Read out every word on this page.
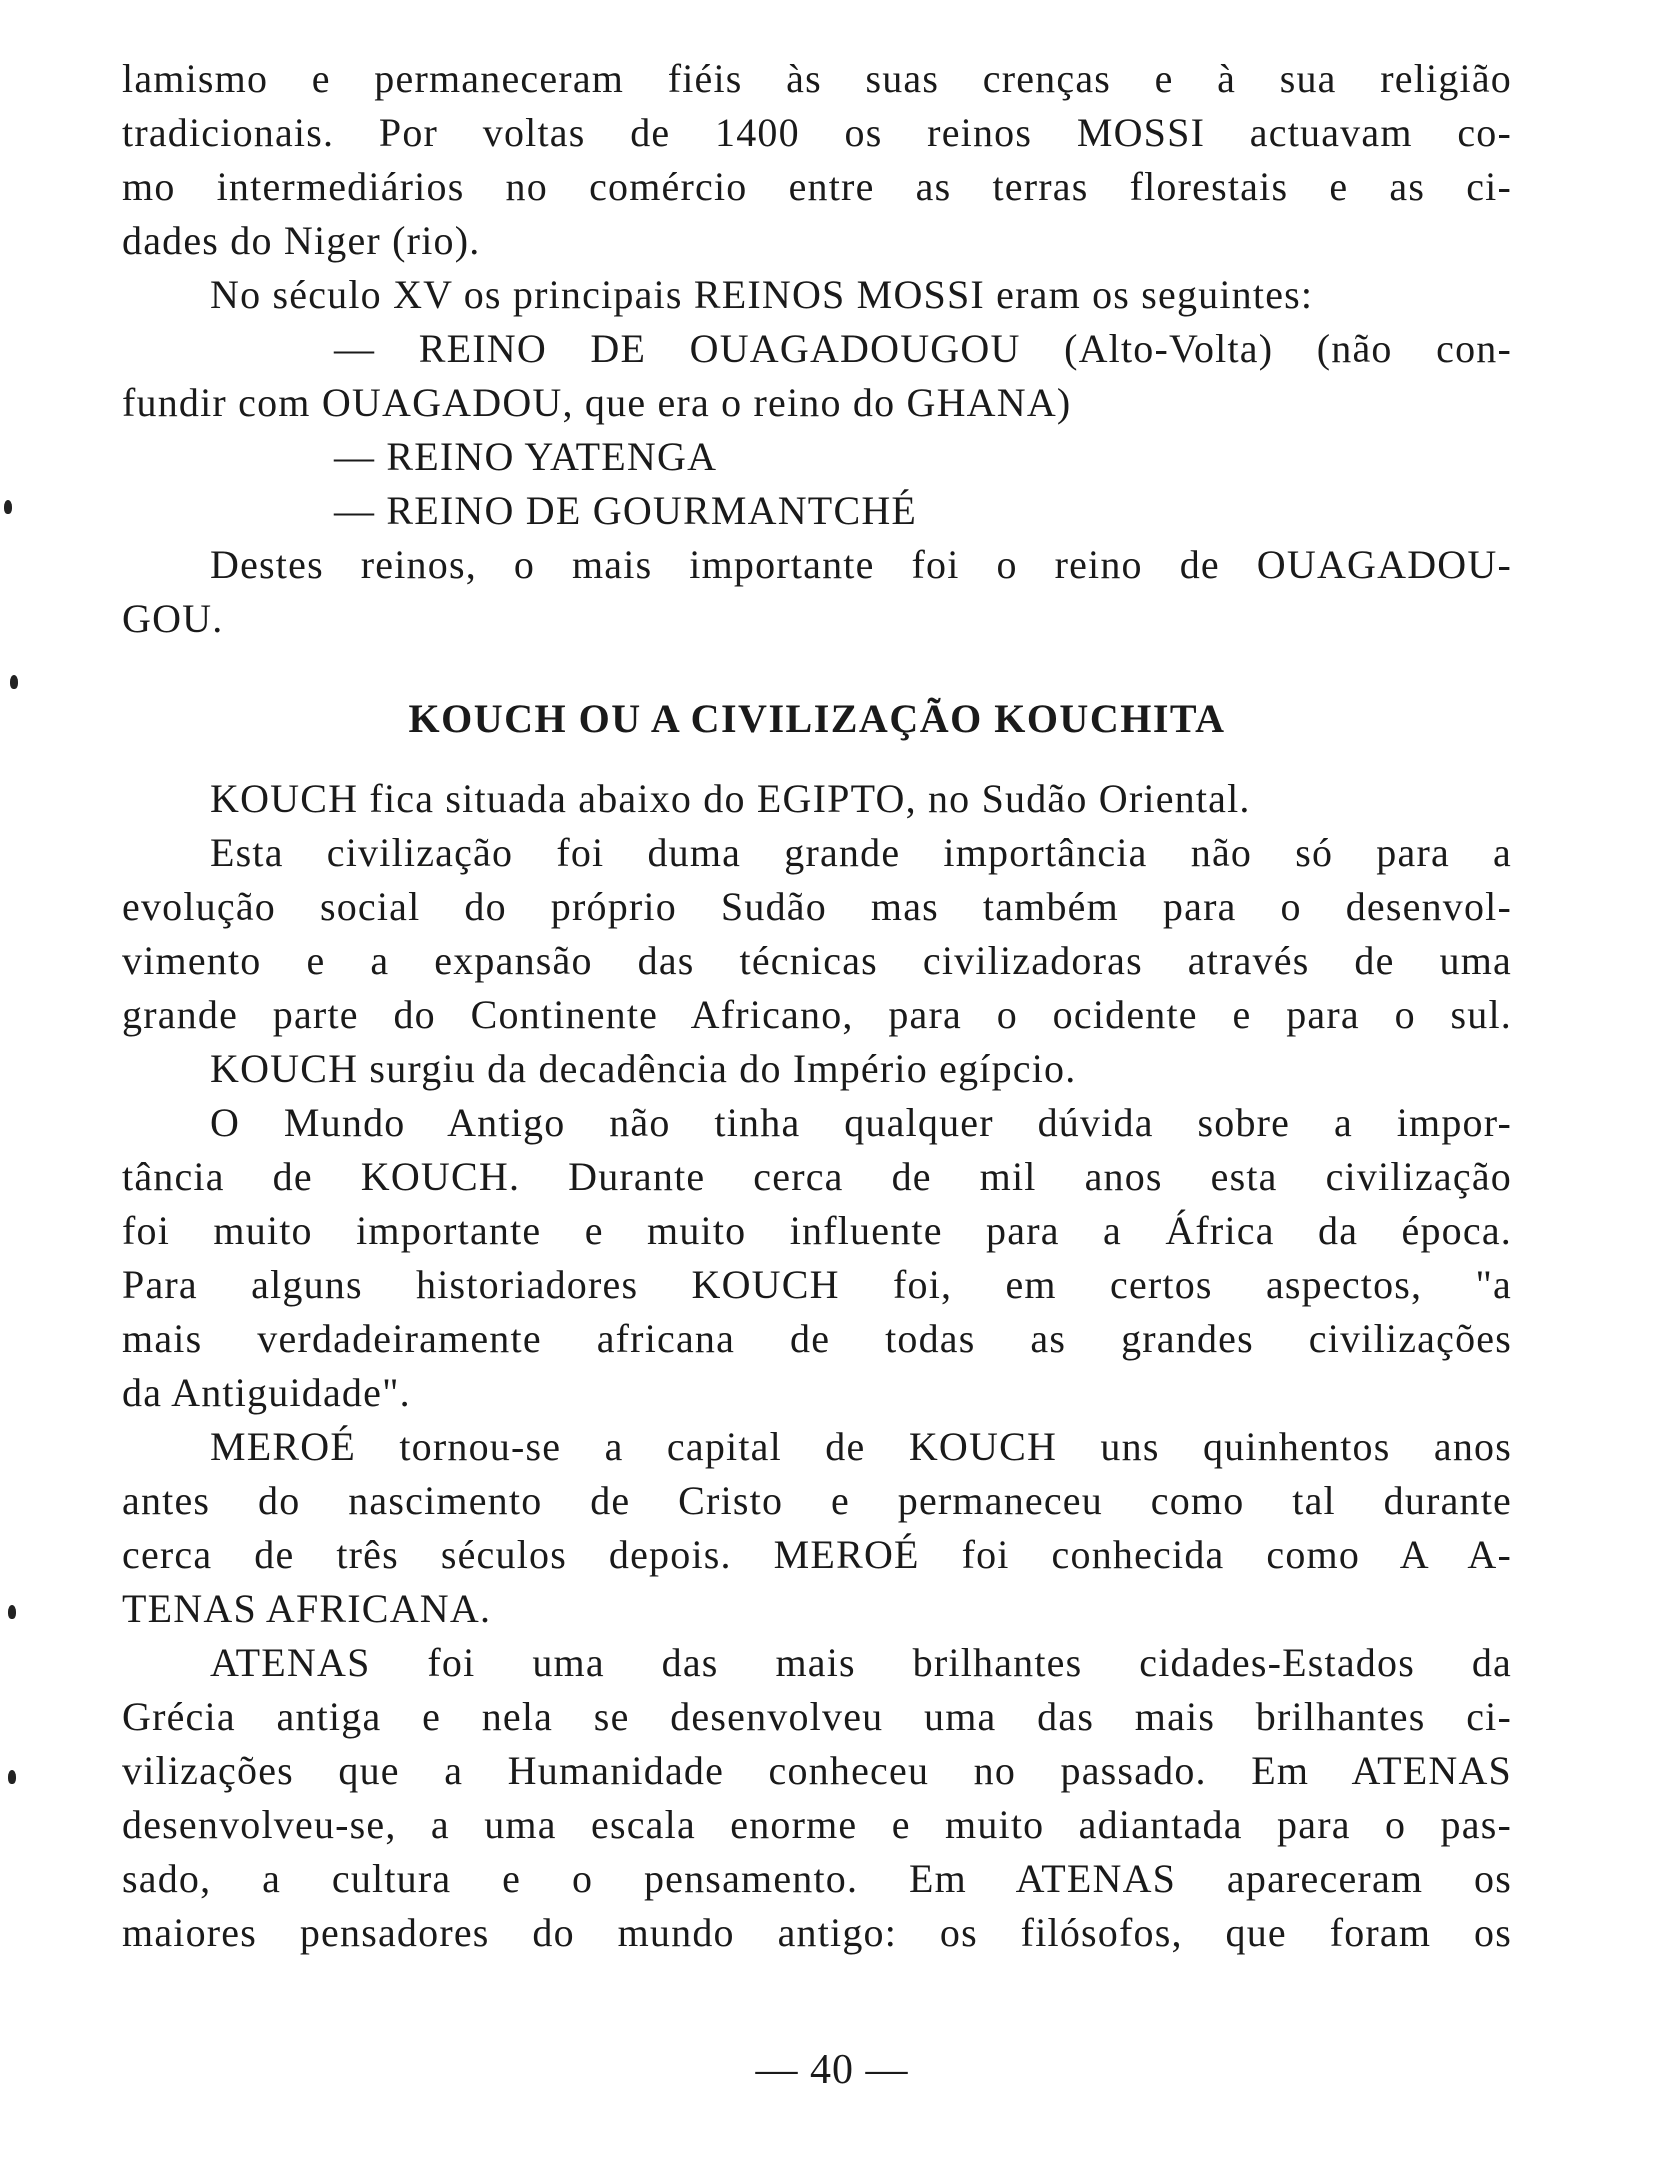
lamismo e permaneceram fiéis às suas crenças e à sua religião
tradicionais. Por voltas de 1400 os reinos MOSSI actuavam co-
mo intermediários no comércio entre as terras florestais e as ci-
dades do Niger (rio).
No século XV os principais REINOS MOSSI eram os seguintes:
— REINO DE OUAGADOUGOU (Alto-Volta) (não con-
fundir com OUAGADOU, que era o reino do GHANA)
— REINO YATENGA
— REINO DE GOURMANTCHÉ
Destes reinos, o mais importante foi o reino de OUAGADOU-
GOU.
KOUCH OU A CIVILIZAÇÃO KOUCHITA
KOUCH fica situada abaixo do EGIPTO, no Sudão Oriental.
Esta civilização foi duma grande importância não só para a
evolução social do próprio Sudão mas também para o desenvol-
vimento e a expansão das técnicas civilizadoras através de uma
grande parte do Continente Africano, para o ocidente e para o sul.
KOUCH surgiu da decadência do Império egípcio.
O Mundo Antigo não tinha qualquer dúvida sobre a impor-
tância de KOUCH. Durante cerca de mil anos esta civilização
foi muito importante e muito influente para a África da época.
Para alguns historiadores KOUCH foi, em certos aspectos, "a
mais verdadeiramente africana de todas as grandes civilizações
da Antiguidade".
MEROÉ tornou-se a capital de KOUCH uns quinhentos anos
antes do nascimento de Cristo e permaneceu como tal durante
cerca de três séculos depois. MEROÉ foi conhecida como A A-
TENAS AFRICANA.
ATENAS foi uma das mais brilhantes cidades-Estados da
Grécia antiga e nela se desenvolveu uma das mais brilhantes ci-
vilizações que a Humanidade conheceu no passado. Em ATENAS
desenvolveu-se, a uma escala enorme e muito adiantada para o pas-
sado, a cultura e o pensamento. Em ATENAS apareceram os
maiores pensadores do mundo antigo: os filósofos, que foram os
— 40 —
